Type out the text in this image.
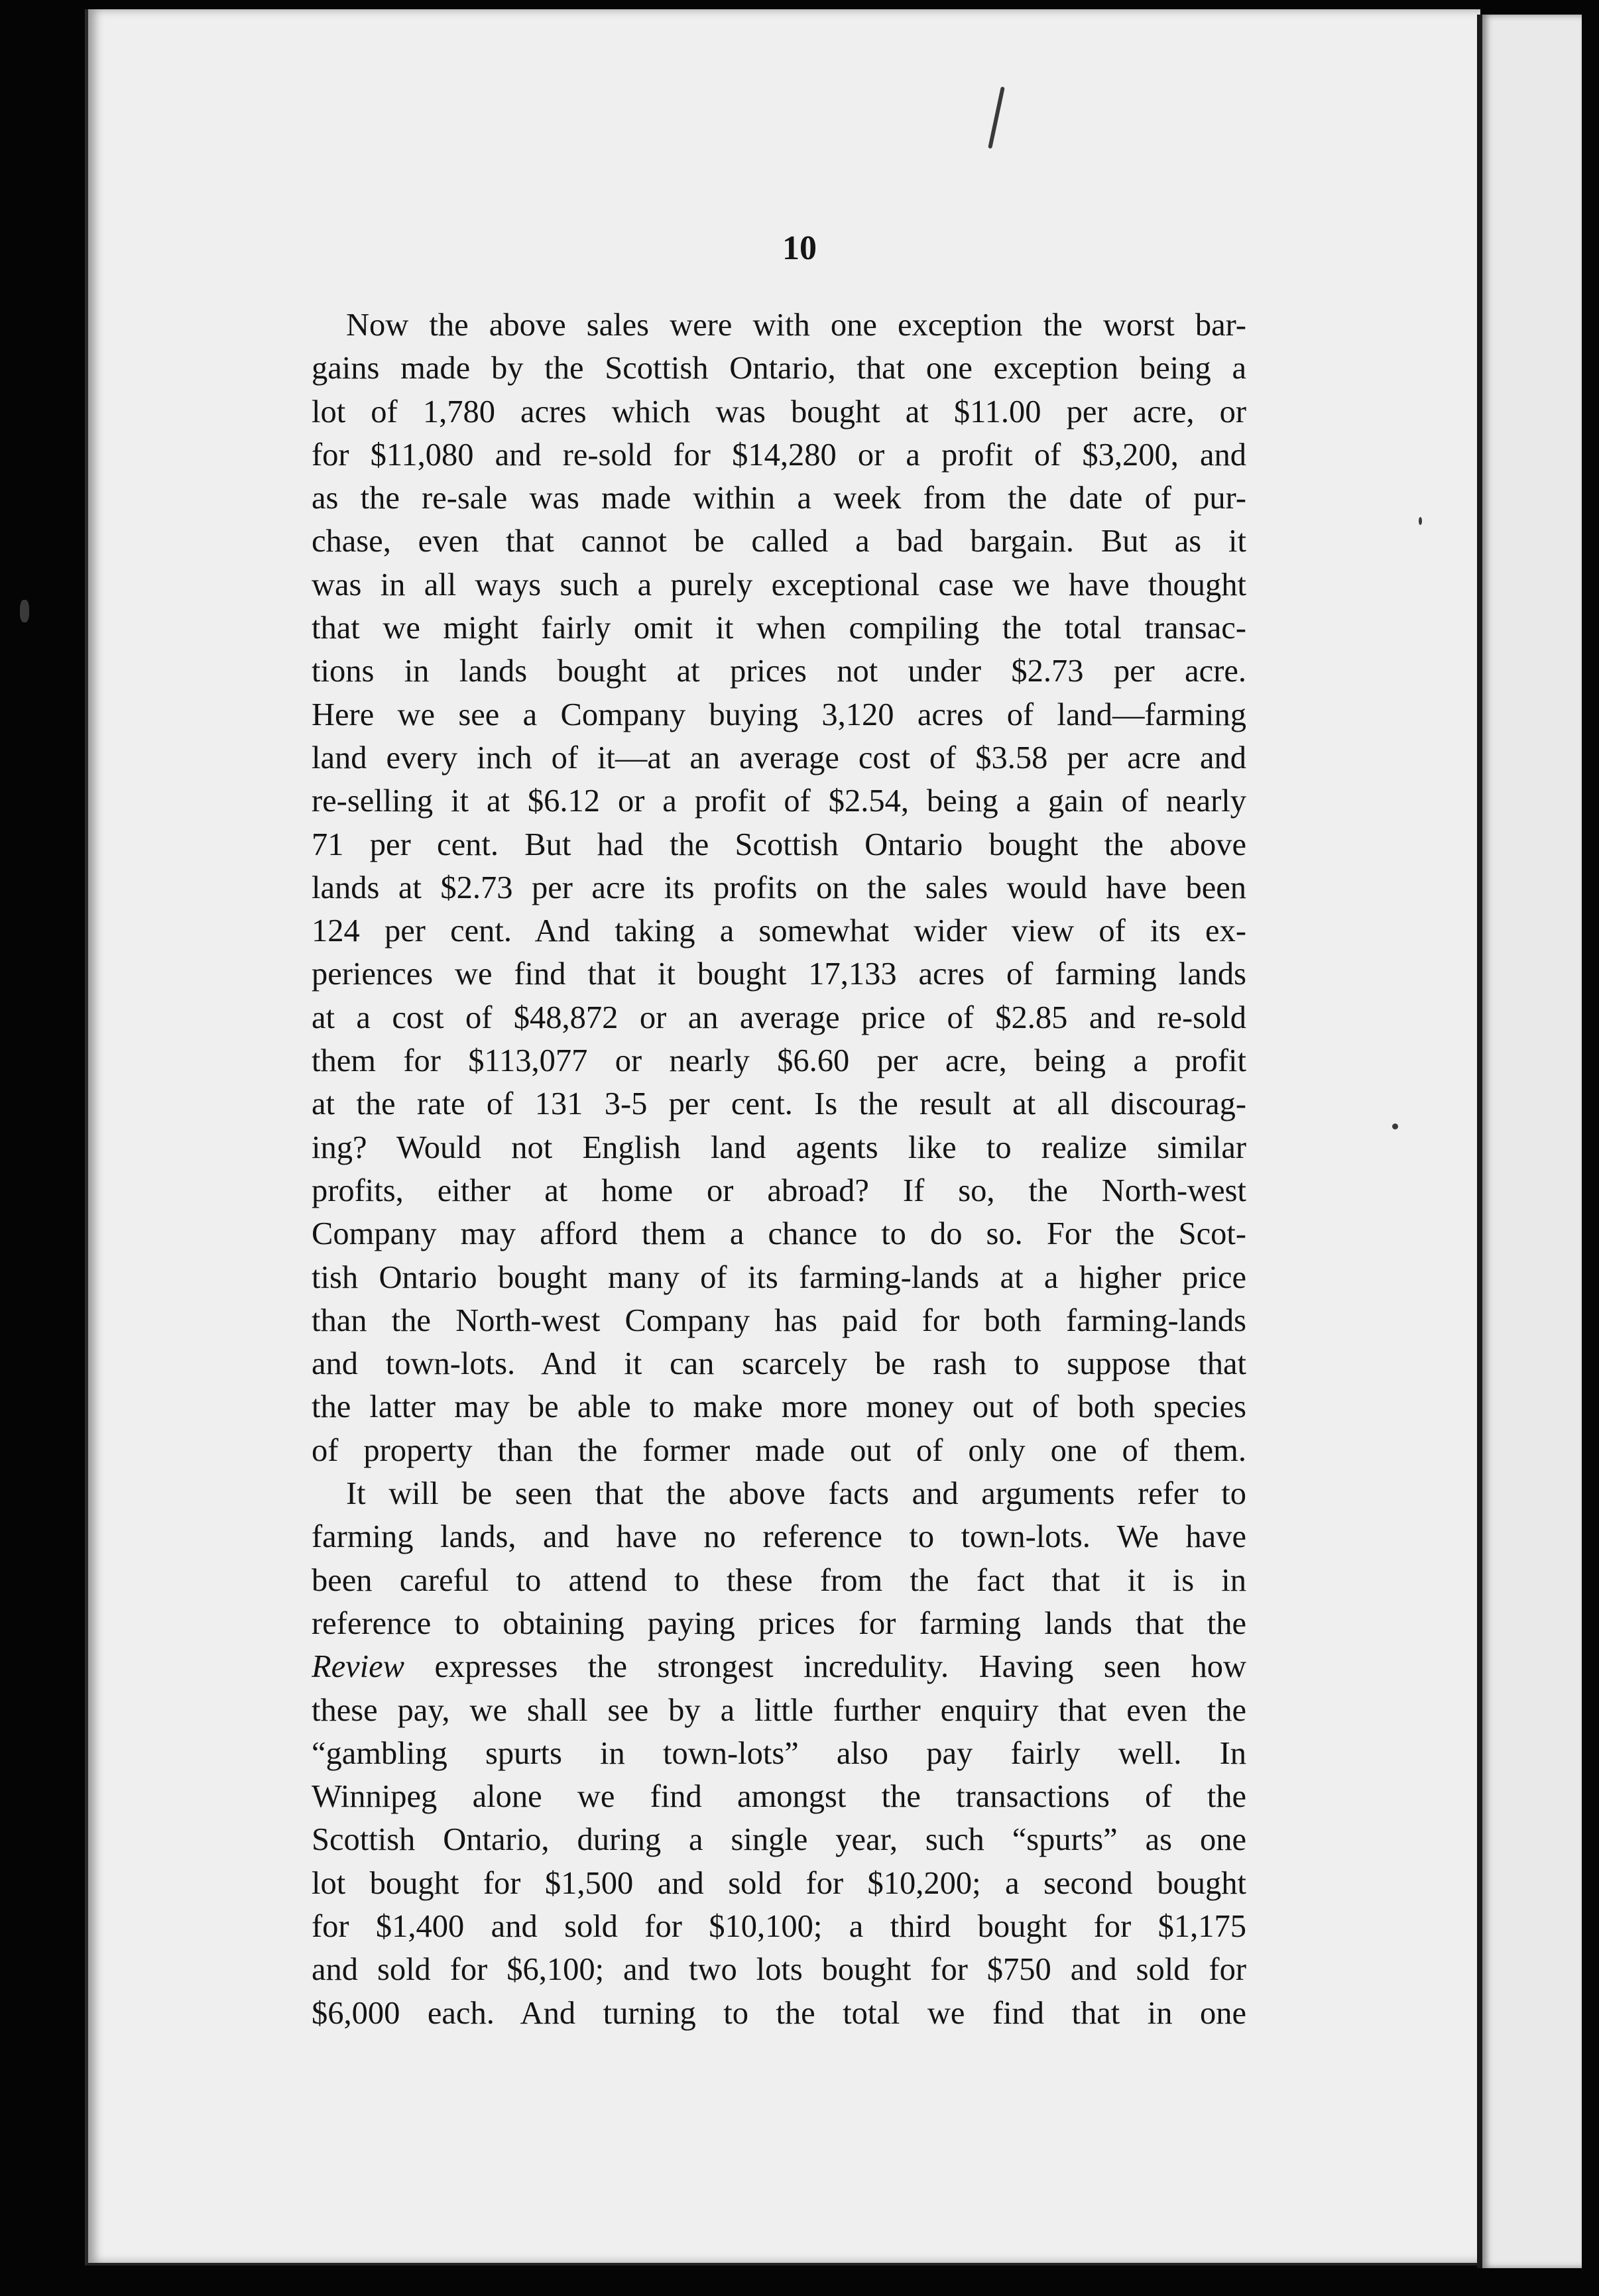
10
Now the above sales were with one exception the worst bar-
gains made by the Scottish Ontario, that one exception being a
lot of 1,780 acres which was bought at $11.00 per acre, or
for $11,080 and re-sold for $14,280 or a profit of $3,200, and
as the re-sale was made within a week from the date of pur-
chase, even that cannot be called a bad bargain. But as it
was in all ways such a purely exceptional case we have thought
that we might fairly omit it when compiling the total transac-
tions in lands bought at prices not under $2.73 per acre.
Here we see a Company buying 3,120 acres of land—farming
land every inch of it—at an average cost of $3.58 per acre and
re-selling it at $6.12 or a profit of $2.54, being a gain of nearly
71 per cent. But had the Scottish Ontario bought the above
lands at $2.73 per acre its profits on the sales would have been
124 per cent. And taking a somewhat wider view of its ex-
periences we find that it bought 17,133 acres of farming lands
at a cost of $48,872 or an average price of $2.85 and re-sold
them for $113,077 or nearly $6.60 per acre, being a profit
at the rate of 131 3-5 per cent. Is the result at all discourag-
ing? Would not English land agents like to realize similar
profits, either at home or abroad? If so, the North-west
Company may afford them a chance to do so. For the Scot-
tish Ontario bought many of its farming-lands at a higher price
than the North-west Company has paid for both farming-lands
and town-lots. And it can scarcely be rash to suppose that
the latter may be able to make more money out of both species
of property than the former made out of only one of them.
It will be seen that the above facts and arguments refer to
farming lands, and have no reference to town-lots. We have
been careful to attend to these from the fact that it is in
reference to obtaining paying prices for farming lands that the
Review expresses the strongest incredulity. Having seen how
these pay, we shall see by a little further enquiry that even the
“gambling spurts in town-lots” also pay fairly well. In
Winnipeg alone we find amongst the transactions of the
Scottish Ontario, during a single year, such “spurts” as one
lot bought for $1,500 and sold for $10,200; a second bought
for $1,400 and sold for $10,100; a third bought for $1,175
and sold for $6,100; and two lots bought for $750 and sold for
$6,000 each. And turning to the total we find that in one
